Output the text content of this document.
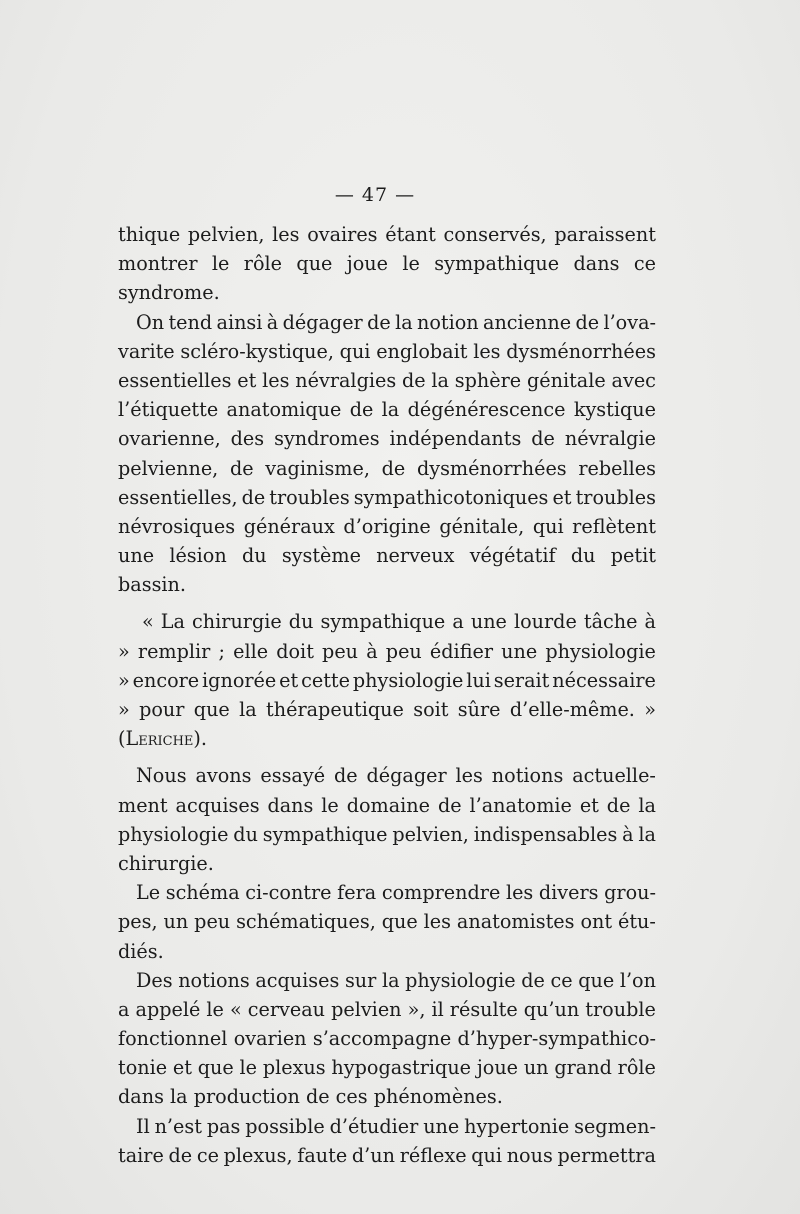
— 47 —
thique pelvien, les ovaires étant conservés, paraissent
montrer le rôle que joue le sympathique dans ce
syndrome.
On tend ainsi à dégager de la notion ancienne de l’ova-
varite scléro-kystique, qui englobait les dysménorrhées
essentielles et les névralgies de la sphère génitale avec
l’étiquette anatomique de la dégénérescence kystique
ovarienne, des syndromes indépendants de névralgie
pelvienne, de vaginisme, de dysménorrhées rebelles
essentielles, de troubles sympathicotoniques et troubles
névrosiques généraux d’origine génitale, qui reflètent
une lésion du système nerveux végétatif du petit
bassin.
« La chirurgie du sympathique a une lourde tâche à
» remplir ; elle doit peu à peu édifier une physiologie
» encore ignorée et cette physiologie lui serait nécessaire
» pour que la thérapeutique soit sûre d’elle-même. »
(Leriche).
Nous avons essayé de dégager les notions actuelle-
ment acquises dans le domaine de l’anatomie et de la
physiologie du sympathique pelvien, indispensables à la
chirurgie.
Le schéma ci-contre fera comprendre les divers grou-
pes, un peu schématiques, que les anatomistes ont étu-
diés.
Des notions acquises sur la physiologie de ce que l’on
a appelé le « cerveau pelvien », il résulte qu’un trouble
fonctionnel ovarien s’accompagne d’hyper-sympathico-
tonie et que le plexus hypogastrique joue un grand rôle
dans la production de ces phénomènes.
Il n’est pas possible d’étudier une hypertonie segmen-
taire de ce plexus, faute d’un réflexe qui nous permettra
